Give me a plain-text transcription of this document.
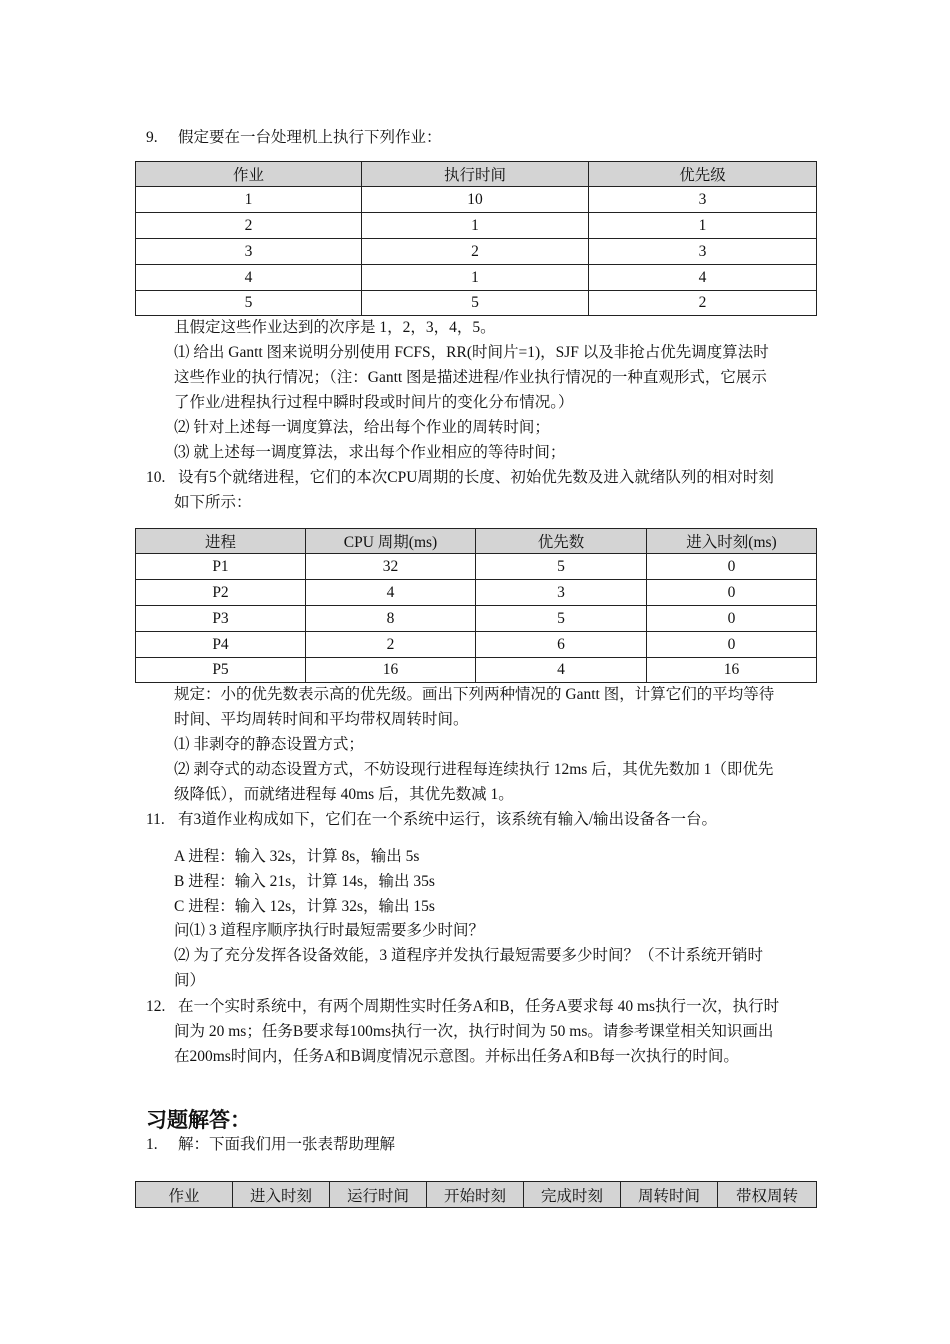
9. 假定要在一台处理机上执行下列作业：
作业	执行时间	优先级
1	10	3
2	1	1
3	2	3
4	1	4
5	5	2
且假定这些作业达到的次序是 1，2，3，4，5。
⑴ 给出 Gantt 图来说明分别使用 FCFS，RR(时间片=1)，SJF 以及非抢占优先调度算法时
这些作业的执行情况；（注：Gantt 图是描述进程/作业执行情况的一种直观形式，它展示
了作业/进程执行过程中瞬时段或时间片的变化分布情况。）
⑵ 针对上述每一调度算法，给出每个作业的周转时间；
⑶ 就上述每一调度算法，求出每个作业相应的等待时间；
10. 设有5个就绪进程，它们的本次CPU周期的长度、初始优先数及进入就绪队列的相对时刻
如下所示：
进程	CPU 周期(ms)	优先数	进入时刻(ms)
P1	32	5	0
P2	4	3	0
P3	8	5	0
P4	2	6	0
P5	16	4	16
规定：小的优先数表示高的优先级。画出下列两种情况的 Gantt 图，计算它们的平均等待
时间、平均周转时间和平均带权周转时间。
⑴ 非剥夺的静态设置方式；
⑵ 剥夺式的动态设置方式，不妨设现行进程每连续执行 12ms 后，其优先数加 1（即优先
级降低），而就绪进程每 40ms 后，其优先数减 1。
11. 有3道作业构成如下，它们在一个系统中运行，该系统有输入/输出设备各一台。
A 进程：输入 32s，计算 8s，输出 5s
B 进程：输入 21s，计算 14s，输出 35s
C 进程：输入 12s，计算 32s，输出 15s
问⑴ 3 道程序顺序执行时最短需要多少时间？
⑵ 为了充分发挥各设备效能，3 道程序并发执行最短需要多少时间？（不计系统开销时
间）
12. 在一个实时系统中，有两个周期性实时任务A和B，任务A要求每 40 ms执行一次，执行时
间为 20 ms；任务B要求每100ms执行一次，执行时间为 50 ms。请参考课堂相关知识画出
在200ms时间内，任务A和B调度情况示意图。并标出任务A和B每一次执行的时间。
习题解答：
1. 解：下面我们用一张表帮助理解
作业	进入时刻	运行时间	开始时刻	完成时刻	周转时间	带权周转
